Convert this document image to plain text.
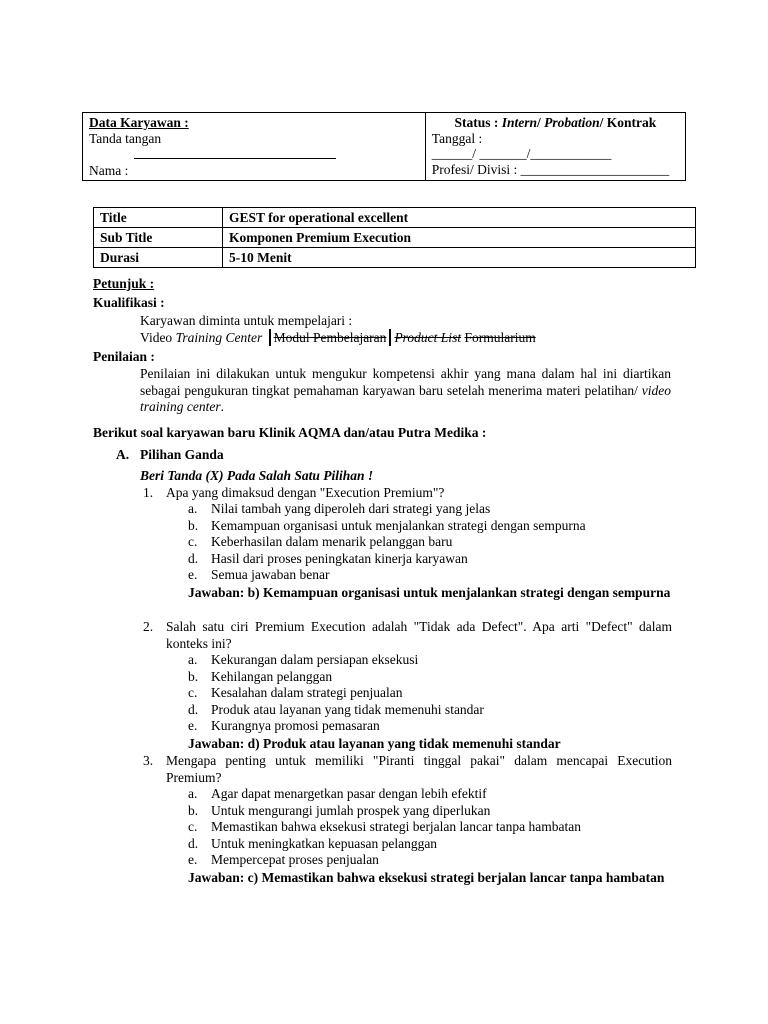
Data Karyawan :
Tanda tangan
Nama :

Status : Intern/ Probation/ Kontrak
Tanggal :
______/ _______/____________
Profesi/ Divisi : ______________________
Title	GEST for operational excellent
Sub Title	Komponen Premium Execution
Durasi	5-10 Menit
Petunjuk :
Kualifikasi :
Karyawan diminta untuk mempelajari :
Video Training Center Modul Pembelajaran Product List Formularium
Penilaian :
Penilaian ini dilakukan untuk mengukur kompetensi akhir yang mana dalam hal ini diartikan sebagai pengukuran tingkat pemahaman karyawan baru setelah menerima materi pelatihan/ video training center.
Berikut soal karyawan baru Klinik AQMA dan/atau Putra Medika :
A. Pilihan Ganda
Beri Tanda (X) Pada Salah Satu Pilihan !
1. Apa yang dimaksud dengan "Execution Premium"?
a. Nilai tambah yang diperoleh dari strategi yang jelas
b. Kemampuan organisasi untuk menjalankan strategi dengan sempurna
c. Keberhasilan dalam menarik pelanggan baru
d. Hasil dari proses peningkatan kinerja karyawan
e. Semua jawaban benar
Jawaban: b) Kemampuan organisasi untuk menjalankan strategi dengan sempurna
2. Salah satu ciri Premium Execution adalah "Tidak ada Defect". Apa arti "Defect" dalam konteks ini?
a. Kekurangan dalam persiapan eksekusi
b. Kehilangan pelanggan
c. Kesalahan dalam strategi penjualan
d. Produk atau layanan yang tidak memenuhi standar
e. Kurangnya promosi pemasaran
Jawaban: d) Produk atau layanan yang tidak memenuhi standar
3. Mengapa penting untuk memiliki "Piranti tinggal pakai" dalam mencapai Execution Premium?
a. Agar dapat menargetkan pasar dengan lebih efektif
b. Untuk mengurangi jumlah prospek yang diperlukan
c. Memastikan bahwa eksekusi strategi berjalan lancar tanpa hambatan
d. Untuk meningkatkan kepuasan pelanggan
e. Mempercepat proses penjualan
Jawaban: c) Memastikan bahwa eksekusi strategi berjalan lancar tanpa hambatan
